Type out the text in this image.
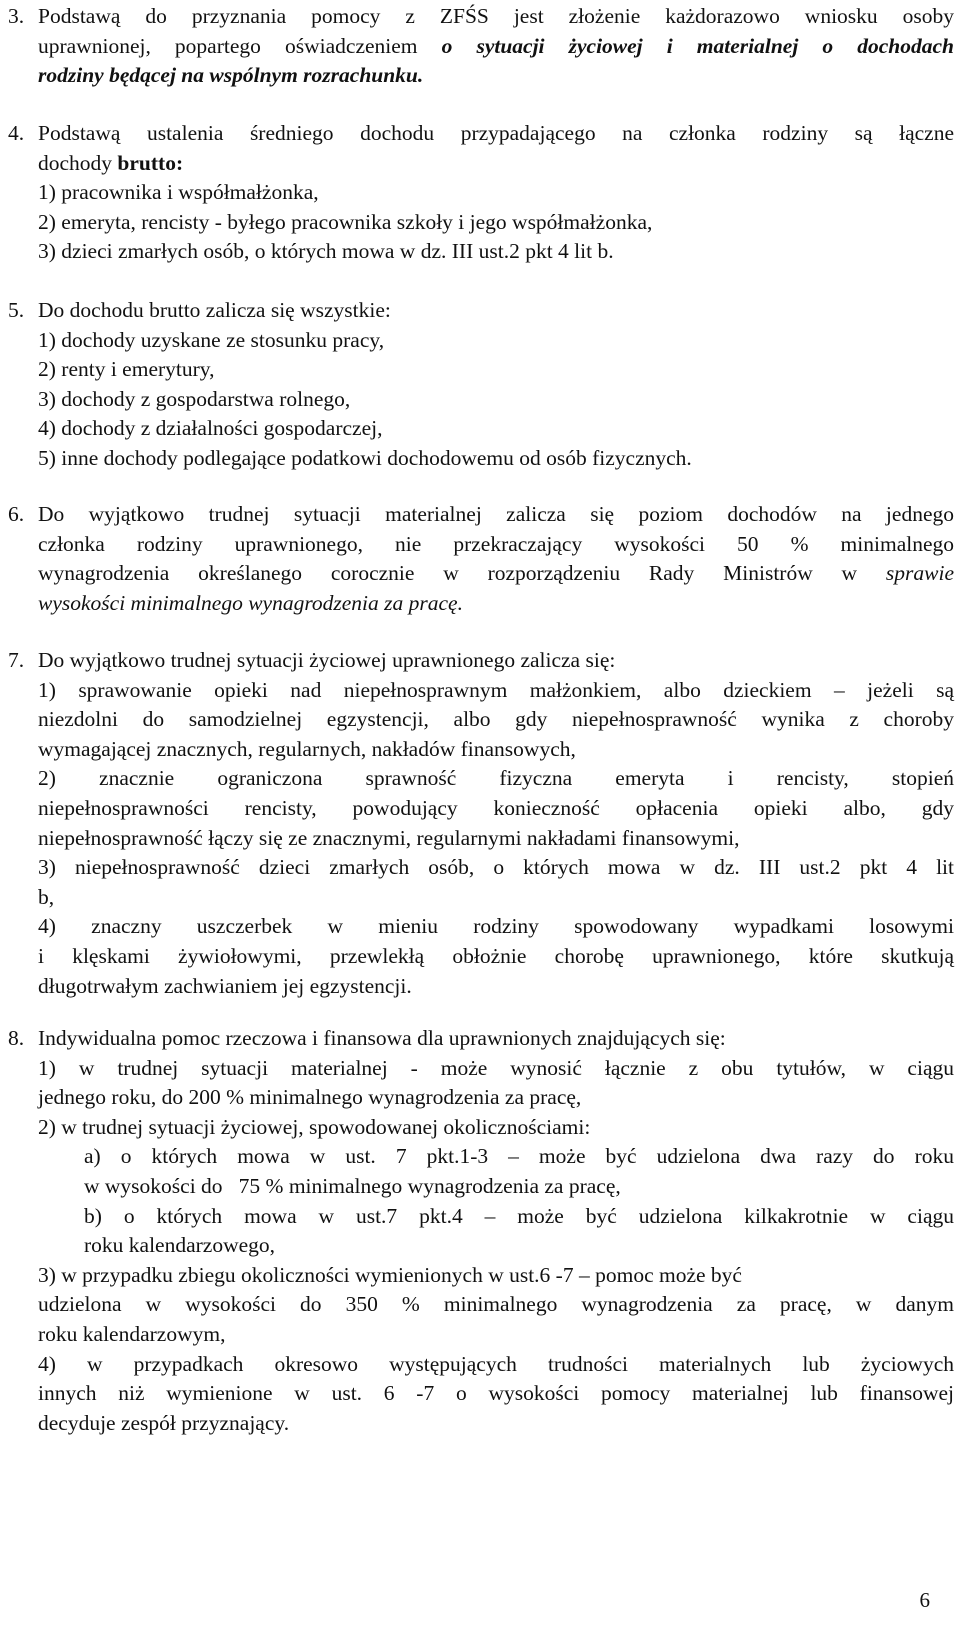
3. Podstawą do przyznania pomocy z ZFŚS jest złożenie każdorazowo wniosku osoby
uprawnionej, popartego oświadczeniem o sytuacji życiowej i materialnej o dochodach
rodziny będącej na wspólnym rozrachunku.
4. Podstawą ustalenia średniego dochodu przypadającego na członka rodziny są łączne
dochody brutto:
1) pracownika i współmałżonka,
2) emeryta, rencisty - byłego pracownika szkoły i jego współmałżonka,
3) dzieci zmarłych osób, o których mowa w dz. III ust.2 pkt 4 lit b.
5. Do dochodu brutto zalicza się wszystkie:
1) dochody uzyskane ze stosunku pracy,
2) renty i emerytury,
3) dochody z gospodarstwa rolnego,
4) dochody z działalności gospodarczej,
5) inne dochody podlegające podatkowi dochodowemu od osób fizycznych.
6. Do wyjątkowo trudnej sytuacji materialnej zalicza się poziom dochodów na jednego
członka rodziny uprawnionego, nie przekraczający wysokości 50 % minimalnego
wynagrodzenia określanego corocznie w rozporządzeniu Rady Ministrów w sprawie
wysokości minimalnego wynagrodzenia za pracę.
7. Do wyjątkowo trudnej sytuacji życiowej uprawnionego zalicza się:
1) sprawowanie opieki nad niepełnosprawnym małżonkiem, albo dzieckiem – jeżeli są
niezdolni do samodzielnej egzystencji, albo gdy niepełnosprawność wynika z choroby
wymagającej znacznych, regularnych, nakładów finansowych,
2) znacznie ograniczona sprawność fizyczna emeryta i rencisty, stopień
niepełnosprawności rencisty, powodujący konieczność opłacenia opieki albo, gdy
niepełnosprawność łączy się ze znacznymi, regularnymi nakładami finansowymi,
3) niepełnosprawność dzieci zmarłych osób, o których mowa w dz. III ust.2 pkt 4 lit
b,
4) znaczny uszczerbek w mieniu rodziny spowodowany wypadkami losowymi
i klęskami żywiołowymi, przewlekłą obłożnie chorobę uprawnionego, które skutkują
długotrwałym zachwianiem jej egzystencji.
8. Indywidualna pomoc rzeczowa i finansowa dla uprawnionych znajdujących się:
1) w trudnej sytuacji materialnej - może wynosić łącznie z obu tytułów, w ciągu
jednego roku, do 200 % minimalnego wynagrodzenia za pracę,
2) w trudnej sytuacji życiowej, spowodowanej okolicznościami:
a) o których mowa w ust. 7 pkt.1-3 – może być udzielona dwa razy do roku
w wysokości do   75 % minimalnego wynagrodzenia za pracę,
b) o których mowa w ust.7 pkt.4 – może być udzielona kilkakrotnie w ciągu
roku kalendarzowego,
3) w przypadku zbiegu okoliczności wymienionych w ust.6 -7 – pomoc może być
udzielona w wysokości do 350 % minimalnego wynagrodzenia za pracę, w danym
roku kalendarzowym,
4) w przypadkach okresowo występujących trudności materialnych lub życiowych
innych niż wymienione w ust. 6 -7 o wysokości pomocy materialnej lub finansowej
decyduje zespół przyznający.
6
